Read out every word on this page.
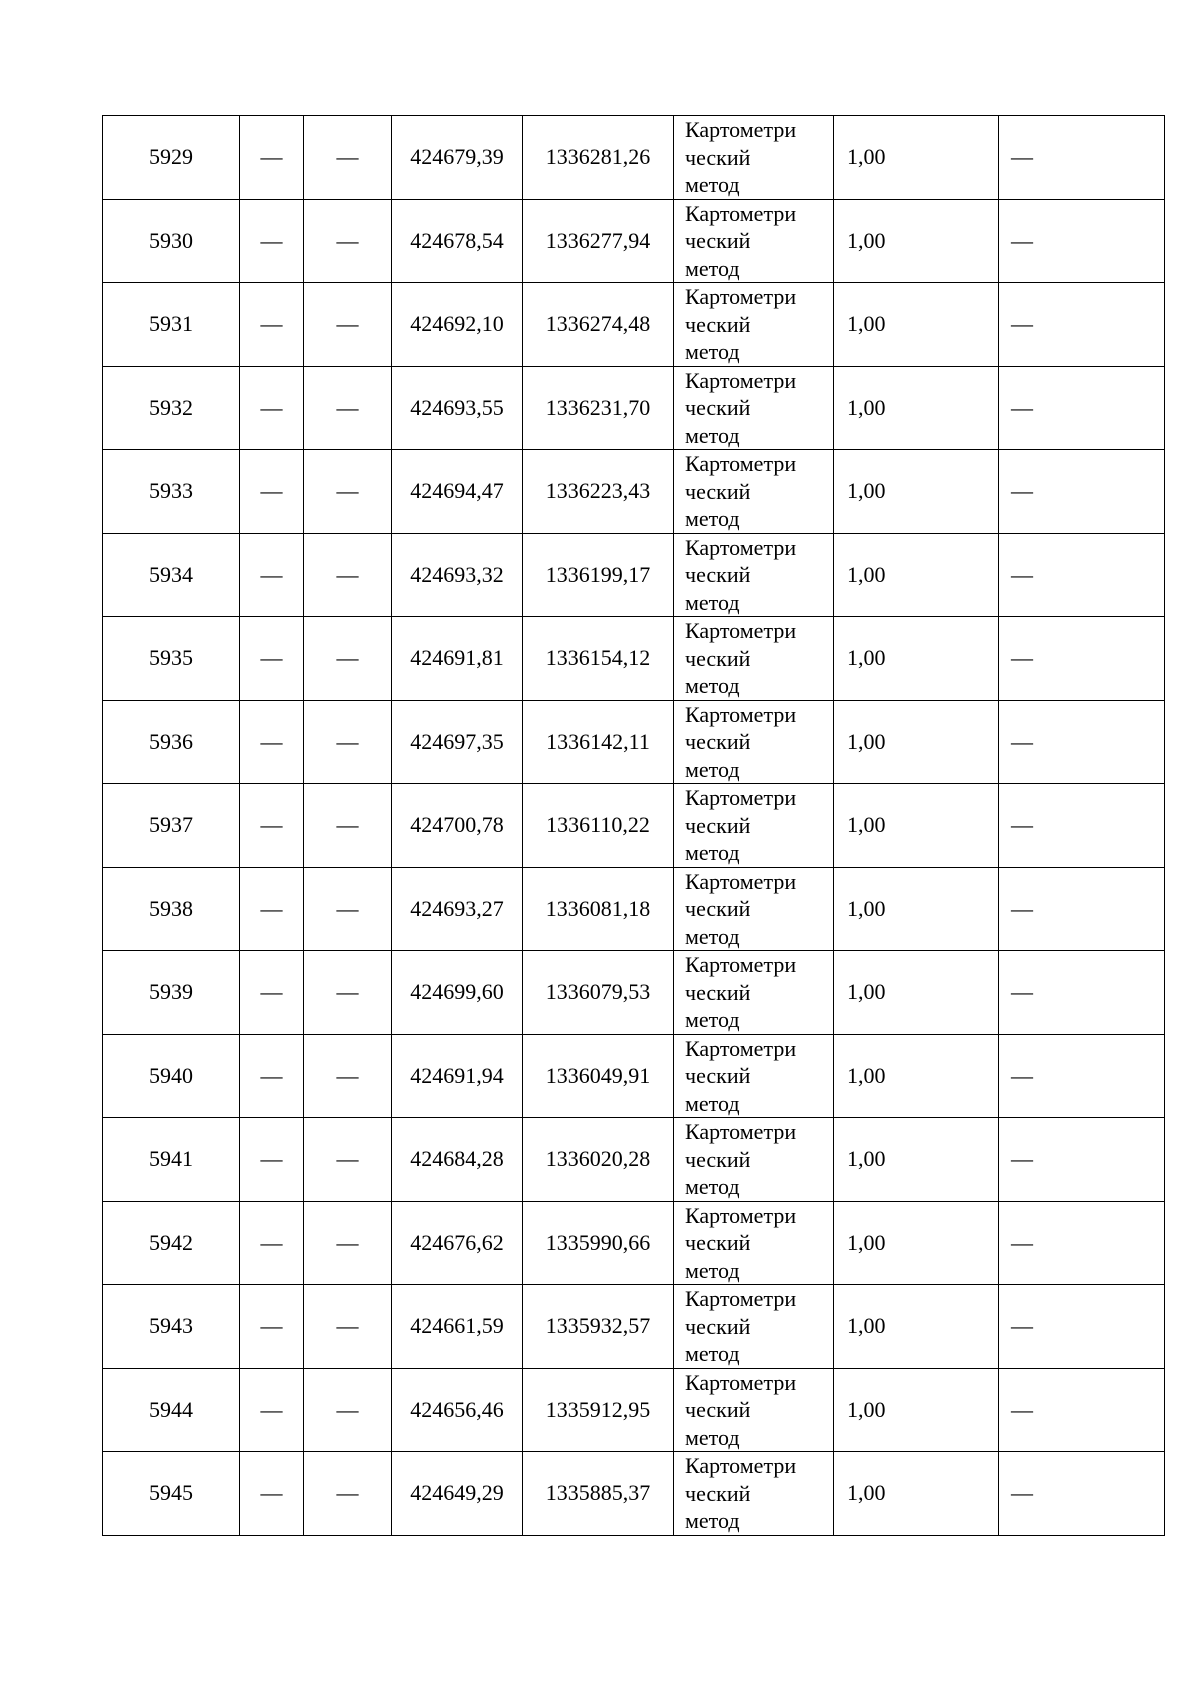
5929	—	—	424679,39	1336281,26	Картометри
ческий
метод	1,00	—
5930	—	—	424678,54	1336277,94	Картометри
ческий
метод	1,00	—
5931	—	—	424692,10	1336274,48	Картометри
ческий
метод	1,00	—
5932	—	—	424693,55	1336231,70	Картометри
ческий
метод	1,00	—
5933	—	—	424694,47	1336223,43	Картометри
ческий
метод	1,00	—
5934	—	—	424693,32	1336199,17	Картометри
ческий
метод	1,00	—
5935	—	—	424691,81	1336154,12	Картометри
ческий
метод	1,00	—
5936	—	—	424697,35	1336142,11	Картометри
ческий
метод	1,00	—
5937	—	—	424700,78	1336110,22	Картометри
ческий
метод	1,00	—
5938	—	—	424693,27	1336081,18	Картометри
ческий
метод	1,00	—
5939	—	—	424699,60	1336079,53	Картометри
ческий
метод	1,00	—
5940	—	—	424691,94	1336049,91	Картометри
ческий
метод	1,00	—
5941	—	—	424684,28	1336020,28	Картометри
ческий
метод	1,00	—
5942	—	—	424676,62	1335990,66	Картометри
ческий
метод	1,00	—
5943	—	—	424661,59	1335932,57	Картометри
ческий
метод	1,00	—
5944	—	—	424656,46	1335912,95	Картометри
ческий
метод	1,00	—
5945	—	—	424649,29	1335885,37	Картометри
ческий
метод	1,00	—
